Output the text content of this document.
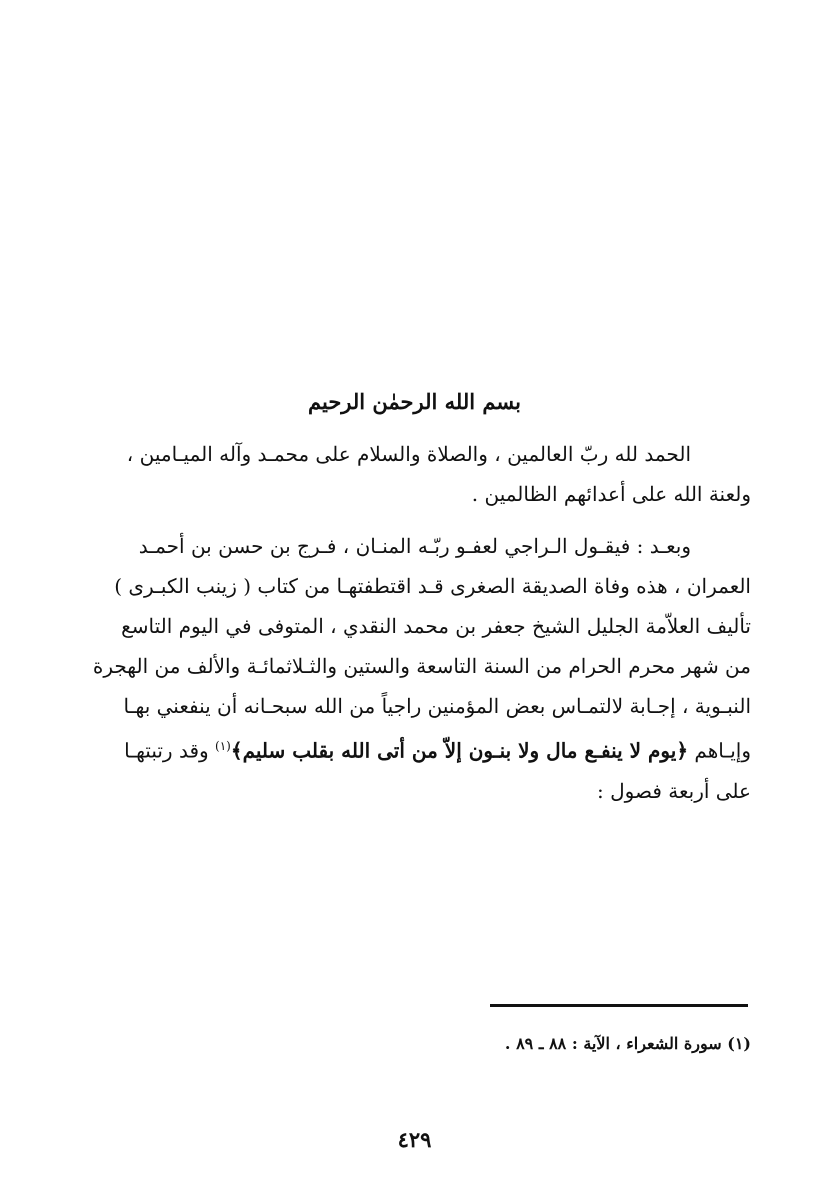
بسم الله الرحمٰن الرحيم
الحمد لله ربّ العالمين ، والصلاة والسلام على محمـد وآله الميـامين ،
ولعنة الله على أعدائهم الظالمين .
وبعـد : فيقـول الـراجي لعفـو ربّـه المنـان ، فـرج بن حسن بن أحمـد
العمران ، هذه وفاة الصديقة الصغرى قـد اقتطفتهـا من كتاب ( زينب الكبـرى )
تأليف العلاّمة الجليل الشيخ جعفر بن محمد النقدي ، المتوفى في اليوم التاسع
من شهر محرم الحرام من السنة التاسعة والستين والثـلاثمائـة والألف من الهجرة
النبـوية ، إجـابة لالتمـاس بعض المؤمنين راجياً من الله سبحـانه أن ينفعني بهـا
وإيـاهم ﴿يوم لا ينفـع مال ولا بنـون إلاّ من أتى الله بقلب سليم﴾$^{(١)}$ وقد رتبتهـا
على أربعة فصول :
(١) سورة الشعراء ، الآية : ٨٨ ـ ٨٩ .
٤٢٩
